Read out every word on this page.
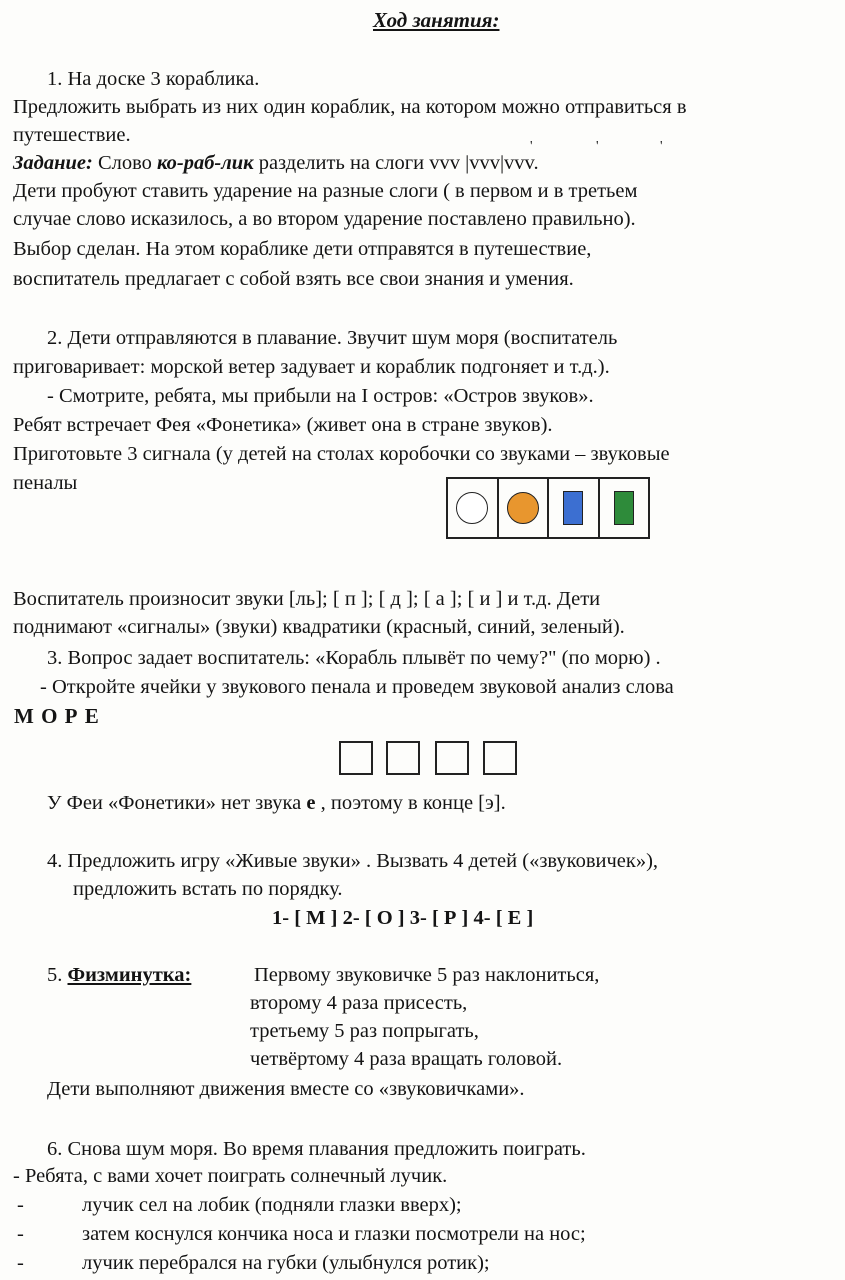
Ход занятия:
1. На доске 3 кораблика.
Предложить выбрать из них один кораблик, на котором можно отправиться в
путешествие.
Задание: Слово ко-раб-лик разделить на слоги vvv |vvv|vvv.
'	'	'
Дети пробуют ставить ударение на разные слоги ( в первом и в третьем
случае слово исказилось, а во втором ударение поставлено правильно).
Выбор сделан. На этом кораблике дети отправятся в путешествие,
воспитатель предлагает с собой взять все свои знания и умения.
2. Дети отправляются в плавание. Звучит шум моря (воспитатель
приговаривает: морской ветер задувает и кораблик подгоняет и т.д.).
- Смотрите, ребята, мы прибыли на I остров: «Остров звуков».
Ребят встречает Фея «Фонетика» (живет она в стране звуков).
Приготовьте 3 сигнала (у детей на столах коробочки со звуками – звуковые
пеналы
Воспитатель произносит звуки [ль]; [ п ]; [ д ]; [ а ]; [ и ] и т.д. Дети
поднимают «сигналы» (звуки) квадратики (красный, синий, зеленый).
3. Вопрос задает воспитатель: «Корабль плывёт по чему?" (по морю) .
- Откройте ячейки у звукового пенала и проведем звуковой анализ слова
М О Р Е
У Феи «Фонетики» нет звука е , поэтому в конце [э].
4. Предложить игру «Живые звуки» . Вызвать 4 детей («звуковичек»),
предложить встать по порядку.
1- [ М ] 2- [ О ] 3- [ Р ] 4- [ Е ]
5. Физминутка:	Первому звуковичке 5 раз наклониться,
второму 4 раза присесть,
третьему 5 раз попрыгать,
четвёртому 4 раза вращать головой.
Дети выполняют движения вместе со «звуковичками».
6. Снова шум моря. Во время плавания предложить поиграть.
- Ребята, с вами хочет поиграть солнечный лучик.
-	лучик сел на лобик (подняли глазки вверх);
-	затем коснулся кончика носа и глазки посмотрели на нос;
-	лучик перебрался на губки (улыбнулся ротик);
